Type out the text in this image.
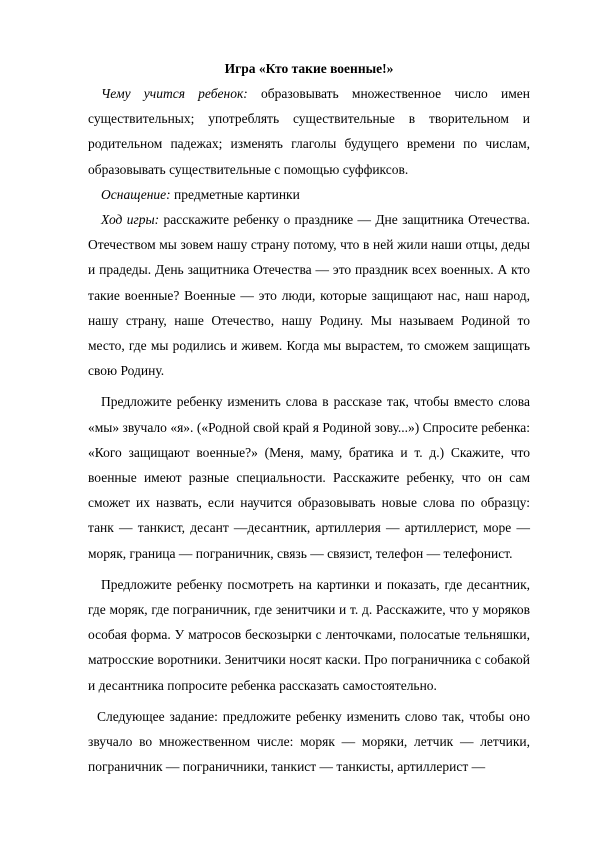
Игра «Кто такие военные!»

Чему учится ребенок: образовывать множественное число имен существительных; употреблять существительные в творительном и родительном падежах; изменять глаголы будущего времени по числам, образовывать существительные с помощью суффиксов.

Оснащение: предметные картинки

Ход игры: расскажите ребенку о празднике — Дне защитника Отечества. Отечеством мы зовем нашу страну потому, что в ней жили наши отцы, деды и прадеды. День защитника Отечества — это праздник всех военных. А кто такие военные? Военные — это люди, которые защищают нас, наш народ, нашу страну, наше Отечество, нашу Родину. Мы называем Родиной то место, где мы родились и живем. Когда мы вырастем, то сможем защищать свою Родину.

Предложите ребенку изменить слова в рассказе так, чтобы вместо слова «мы» звучало «я». («Родной свой край я Родиной зову...») Спросите ребенка: «Кого защищают военные?» (Меня, маму, братика и т. д.) Скажите, что военные имеют разные специальности. Расскажите ребенку, что он сам сможет их назвать, если научится образовывать новые слова по образцу: танк — танкист, десант —десантник, артиллерия — артиллерист, море — моряк, граница — пограничник, связь — связист, телефон — телефонист.

Предложите ребенку посмотреть на картинки и показать, где десантник, где моряк, где пограничник, где зенитчики и т. д. Расскажите, что у моряков особая форма. У матросов бескозырки с ленточками, полосатые тельняшки, матросские воротники. Зенитчики носят каски. Про пограничника с собакой и десантника попросите ребенка рассказать самостоятельно.

Следующее задание: предложите ребенку изменить слово так, чтобы оно звучало во множественном числе: моряк — моряки, летчик — летчики, пограничник — пограничники, танкист — танкисты, артиллерист —
